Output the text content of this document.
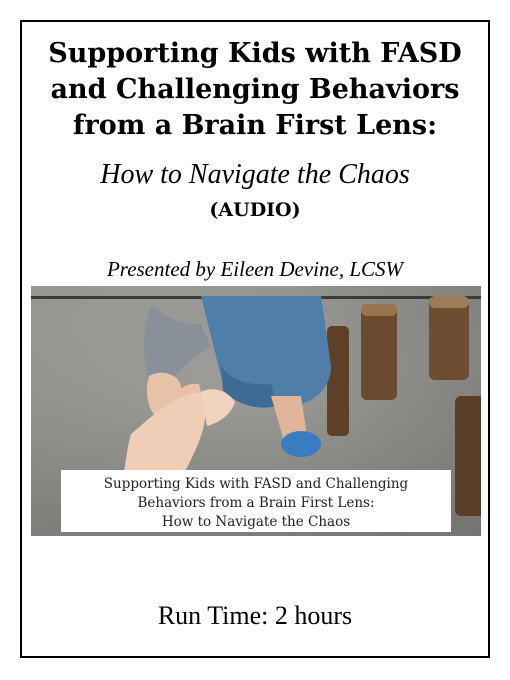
Supporting Kids with FASD
and Challenging Behaviors
from a Brain First Lens:

How to Navigate the Chaos

(AUDIO)

Presented by Eileen Devine, LCSW

Supporting Kids with FASD and Challenging
Behaviors from a Brain First Lens:
How to Navigate the Chaos

Run Time: 2 hours
